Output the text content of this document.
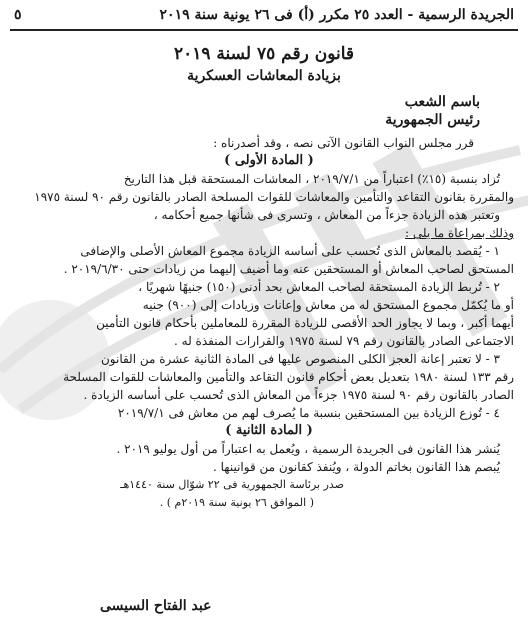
الجريدة الرسمية - العدد ٢٥ مكرر (أ) فى ٢٦ يونية سنة ٢٠١٩
٥
قانون رقم ٧٥ لسنة ٢٠١٩
بزيادة المعاشات العسكرية
باسم الشعب
رئيس الجمهورية
قرر مجلس النواب القانون الآتى نصه ، وقد أصدرناه :
( المادة الأولى )
تُزاد بنسبة (١٥٪) اعتباراً من ٢٠١٩/٧/١ ، المعاشات المستحقة قبل هذا التاريخ
والمقررة بقانون التقاعد والتأمين والمعاشات للقوات المسلحة الصادر بالقانون رقم ٩٠ لسنة ١٩٧٥
وتعتبر هذه الزيادة جزءاً من المعاش ، وتسرى فى شأنها جميع أحكامه ،
وذلك بمراعاة ما يلى :
١ - يُقصد بالمعاش الذى تُحسب على أساسه الزيادة مجموع المعاش الأصلى والإضافى
المستحق لصاحب المعاش أو المستحقين عنه وما أضيف إليهما من زيادات حتى ٢٠١٩/٦/٣٠ .
٢ - تُربط الزيادة المستحقة لصاحب المعاش بحد أدنى (١٥٠) جنيهًا شهريًا ،
أو ما يُكمّل مجموع المستحق له من معاش وإعانات وزيادات إلى (٩٠٠) جنيه
أيهما أكبر ، وبما لا يجاوز الحد الأقصى للزيادة المقررة للمعاملين بأحكام قانون التأمين
الاجتماعى الصادر بالقانون رقم ٧٩ لسنة ١٩٧٥ والقرارات المنفذة له .
٣ - لا تعتبر إعانة العجز الكلى المنصوص عليها فى المادة الثانية عشرة من القانون
رقم ١٣٣ لسنة ١٩٨٠ بتعديل بعض أحكام قانون التقاعد والتأمين والمعاشات للقوات المسلحة
الصادر بالقانون رقم ٩٠ لسنة ١٩٧٥ جزءاً من المعاش الذى تُحسب على أساسه الزيادة .
٤ - تُوزع الزيادة بين المستحقين بنسبة ما يُصرف لهم من معاش فى ٢٠١٩/٧/١
( المادة الثانية )
يُنشر هذا القانون فى الجريدة الرسمية ، ويُعمل به اعتباراً من أول يوليو ٢٠١٩ .
يُبصم هذا القانون بخاتم الدولة ، ويُنفذ كقانون من قوانينها .
صدر برئاسة الجمهورية فى ٢٢ شوّال سنة ١٤٤٠هـ
( الموافق ٢٦ يونية سنة ٢٠١٩م ) .
عبد الفتاح السيسى
